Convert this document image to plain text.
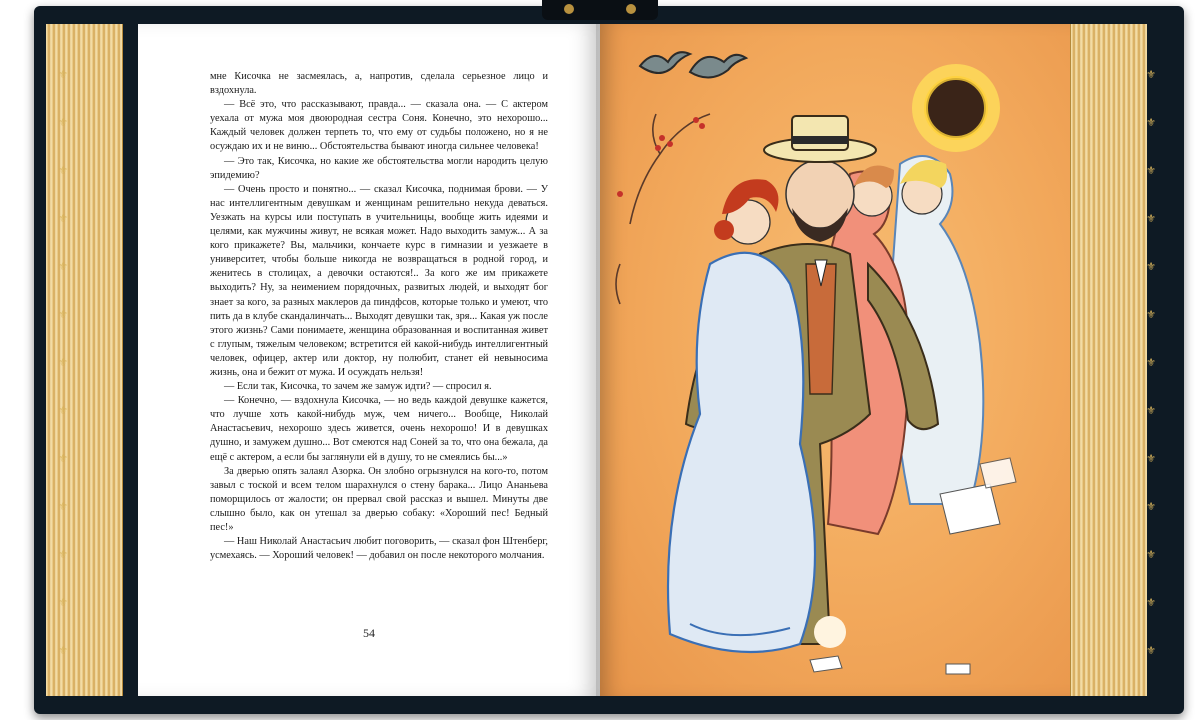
⚜	⚜
⚜	⚜
⚜	⚜
⚜	⚜
⚜	⚜
⚜	⚜
⚜	⚜
⚜	⚜
⚜	⚜
⚜	⚜
⚜	⚜
⚜	⚜
⚜	⚜

мне Кисочка не засмеялась, а, напротив, сделала серьезное лицо и вздохнула.

— Всё это, что рассказывают, правда... — сказала она. — С актером уехала от мужа моя двоюродная сестра Соня. Конечно, это нехорошо... Каждый человек должен терпеть то, что ему от судьбы положено, но я не осуждаю их и не виню... Обстоятельства бывают иногда сильнее человека!

— Это так, Кисочка, но какие же обстоятельства могли народить целую эпидемию?

— Очень просто и понятно... — сказал Кисочка, поднимая брови. — У нас интеллигентным девушкам и женщинам решительно некуда деваться. Уезжать на курсы или поступать в учительницы, вообще жить идеями и целями, как мужчины живут, не всякая может. Надо выходить замуж... А за кого прикажете? Вы, мальчики, кончаете курс в гимназии и уезжаете в университет, чтобы больше никогда не возвращаться в родной город, и женитесь в столицах, а девочки остаются!.. За кого же им прикажете выходить? Ну, за неимением порядочных, развитых людей, и выходят бог знает за кого, за разных маклеров да пиндфсов, которые только и умеют, что пить да в клубе скандалинчать... Выходят девушки так, зря... Какая уж после этого жизнь? Сами понимаете, женщина образованная и воспитанная живет с глупым, тяжелым человеком; встретится ей какой-нибудь интеллигентный человек, офицер, актер или доктор, ну полюбит, станет ей невыносима жизнь, она и бежит от мужа. И осуждать нельзя!

— Если так, Кисочка, то зачем же замуж идти? — спросил я.

— Конечно, — вздохнула Кисочка, — но ведь каждой девушке кажется, что лучше хоть какой-нибудь муж, чем ничего... Вообще, Николай Анастасьевич, нехорошо здесь живется, очень нехорошо! И в девушках душно, и замужем душно... Вот смеются над Соней за то, что она бежала, да ещё с актером, а если бы заглянули ей в душу, то не смеялись бы...»

За дверью опять залаял Азорка. Он злобно огрызнулся на кого-то, потом завыл с тоской и всем телом шарахнулся о стену барака... Лицо Ананьева поморщилось от жалости; он прервал свой рассказ и вышел. Минуты две слышно было, как он утешал за дверью собаку: «Хороший пес! Бедный пес!»

— Наш Николай Анастасьич любит поговорить, — сказал фон Штенберг, усмехаясь. — Хороший человек! — добавил он после некоторого молчания.

54
